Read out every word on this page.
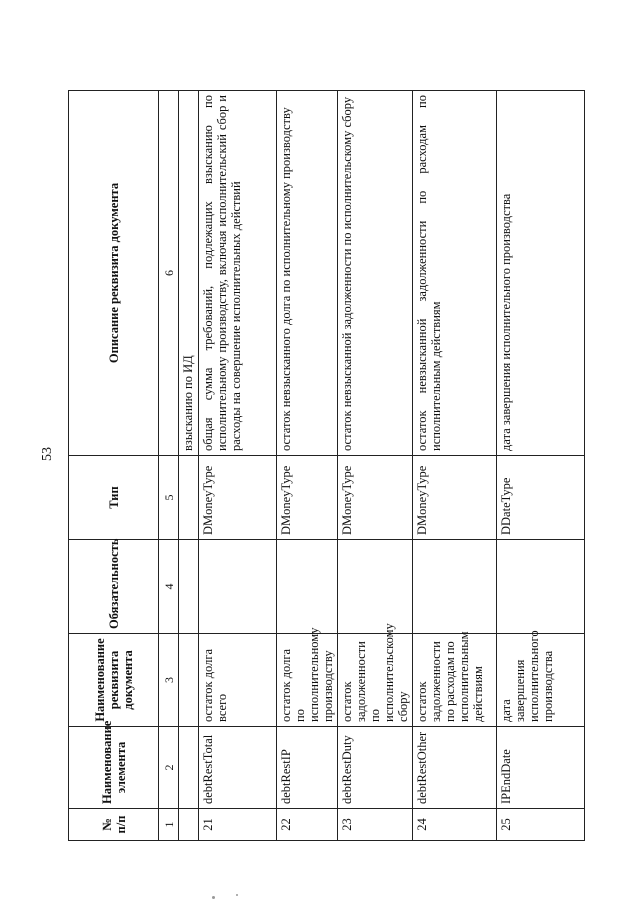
53
№ п/п	Наименование элемента	Наименование реквизита документа	Обязательность	Тип	Описание реквизита документа
1	2	3	4	5	6
					взысканию по ИД
21	debtRestTotal	остаток долга всего		DMoneyType	общая сумма требований, подлежащих взысканию по исполнительному производству, включая исполнительский сбор и расходы на совершение исполнительных действий
22	debtRestIP	остаток долга по исполнительному производству		DMoneyType	остаток невзысканного долга по исполнительному производству
23	debtRestDuty	остаток задолженности по исполнительскому сбору		DMoneyType	остаток невзысканной задолженности по исполнительскому сбору
24	debtRestOther	остаток задолженности по расходам по исполнительным действиям		DMoneyType	остаток невзысканной задолженности по расходам по исполнительным действиям
25	IPEndDate	дата завершения исполнительного производства		DDateType	дата завершения исполнительного производства
